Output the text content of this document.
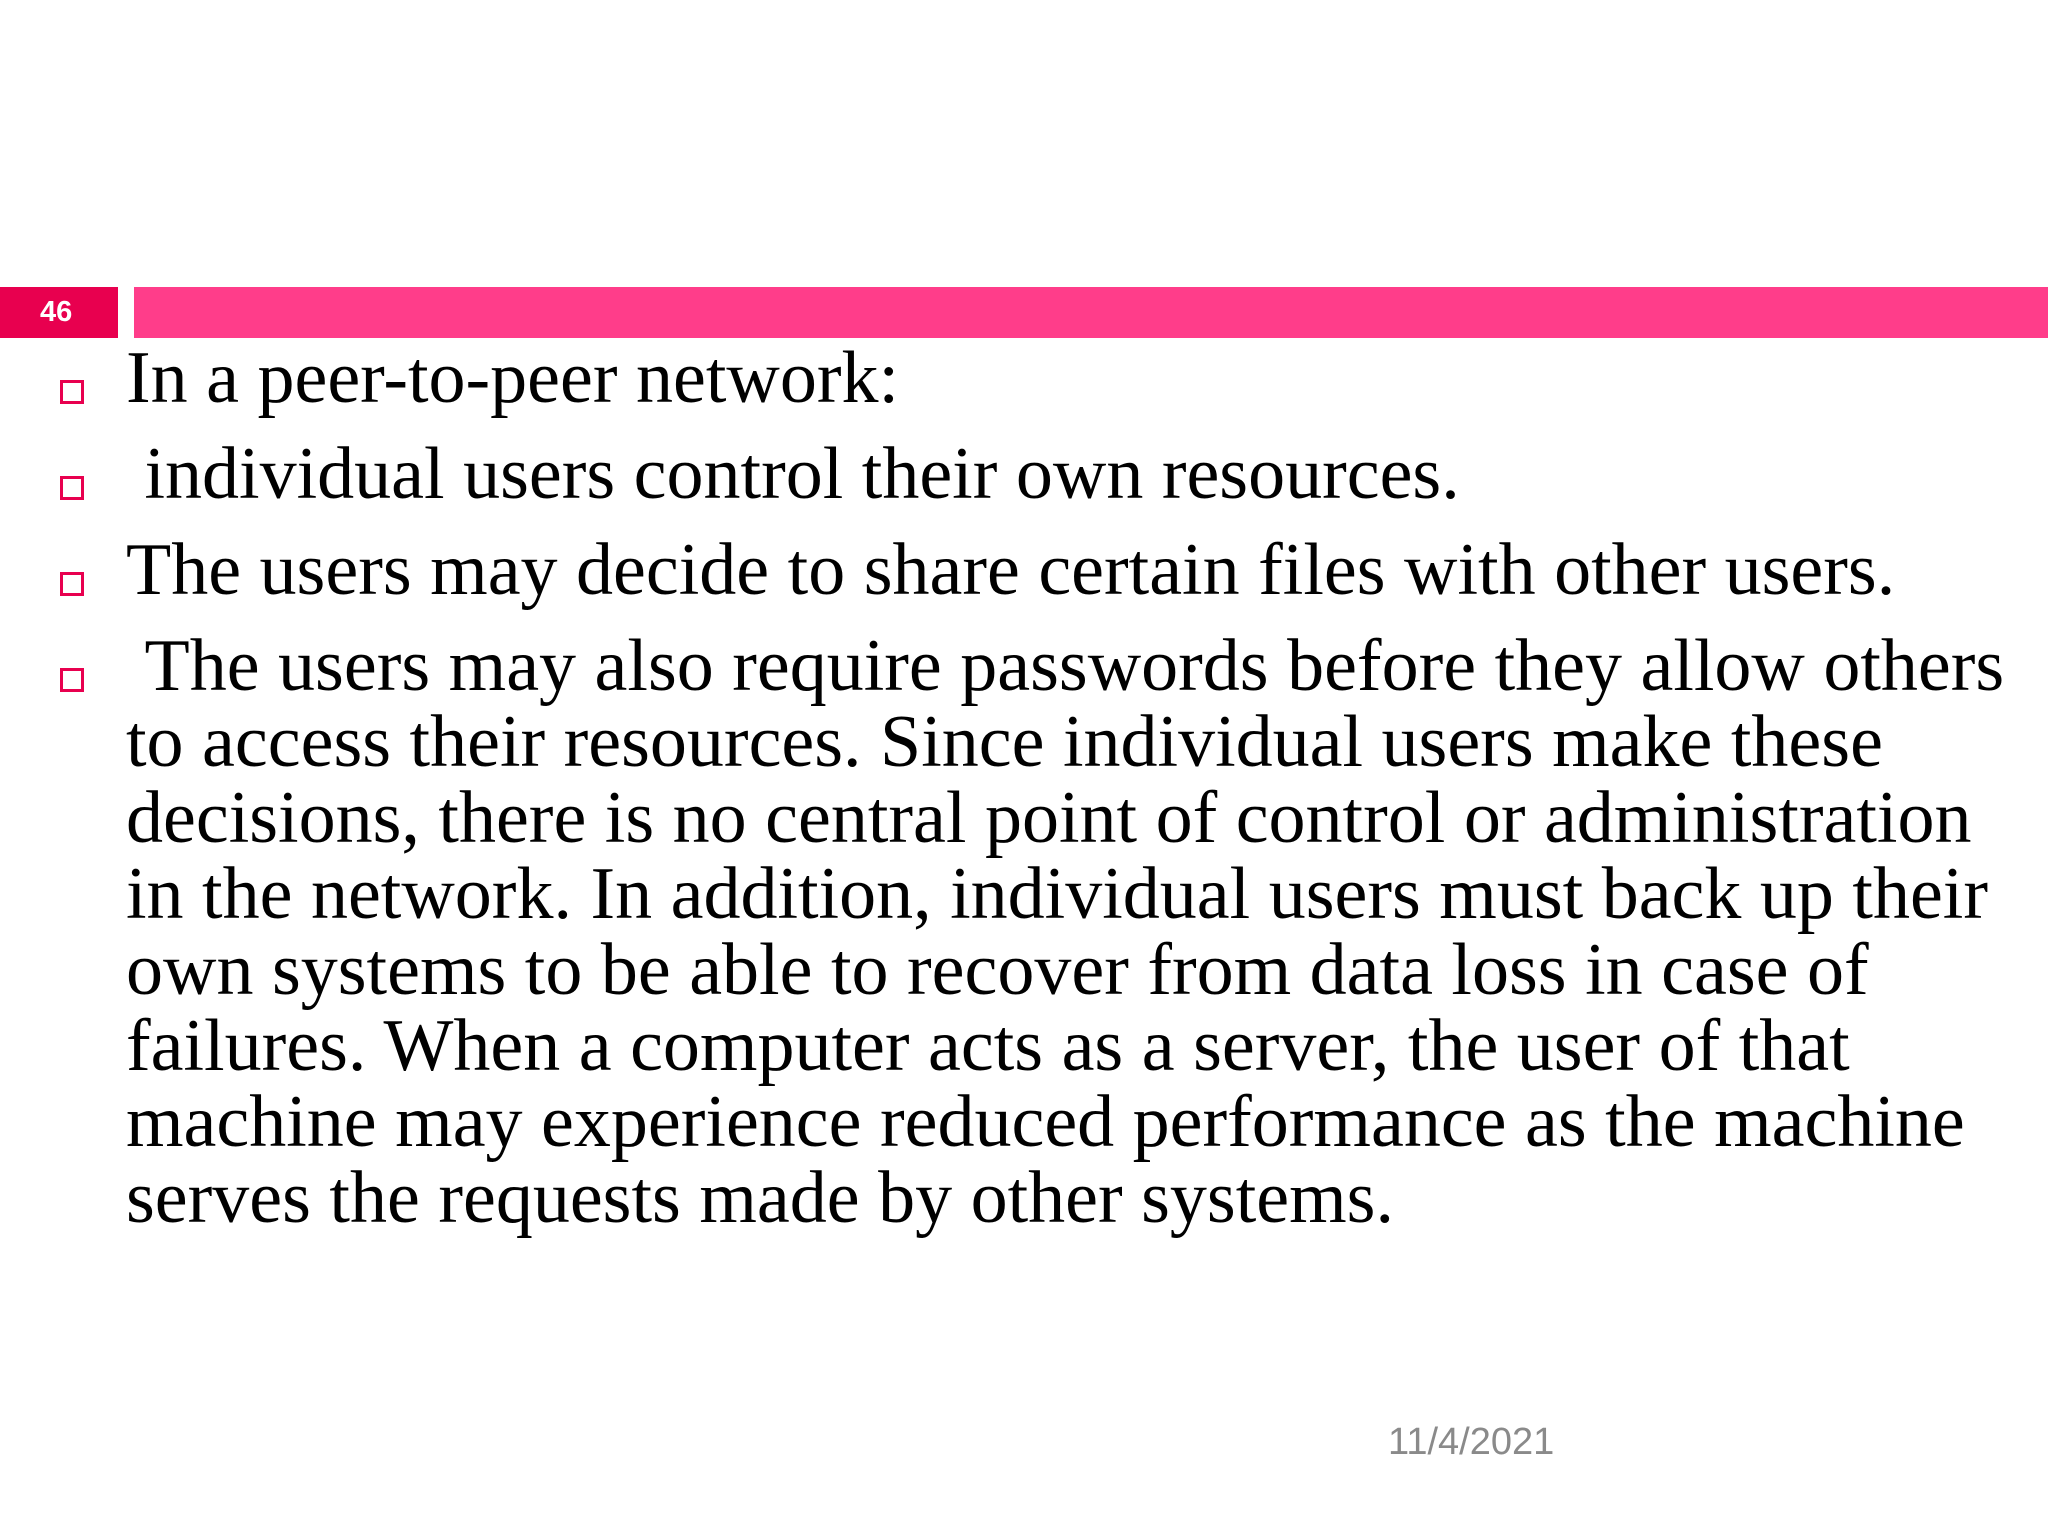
46
In a peer-to-peer network:
individual users control their own resources.
The users may decide to share certain files with other users.
The users may also require passwords before they allow others to access their resources. Since individual users make these decisions, there is no central point of control or administration in the network. In addition, individual users must back up their own systems to be able to recover from data loss in case of failures. When a computer acts as a server, the user of that machine may experience reduced performance as the machine serves the requests made by other systems.
11/4/2021
